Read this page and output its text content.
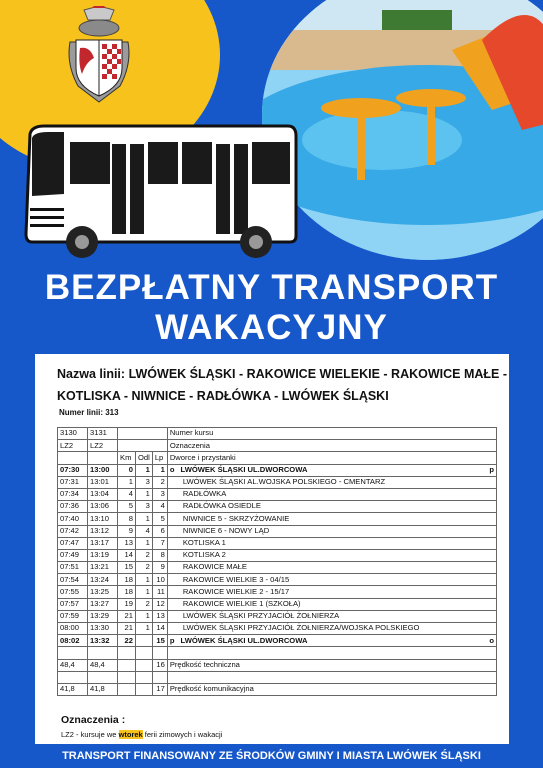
BEZPŁATNY TRANSPORT
WAKACYJNY
Nazwa linii: LWÓWEK ŚLĄSKI - RAKOWICE WIELEKIE - RAKOWICE MAŁE -
KOTLISKA - NIWNICE - RADŁÓWKA - LWÓWEK ŚLĄSKI
Numer linii: 313
3130	3131				Numer kursu
LZ2	LZ2				Oznaczenia
		Km	Odl	Lp	Dworce i przystanki
07:30	13:00	0	1	1	o LWÓWEK ŚLĄSKI UL.DWORCOWA p

07:31	13:01	1	3	2	LWÓWEK ŚLĄSKI AL.WOJSKA POLSKIEGO - CMENTARZ
07:34	13:04	4	1	3	RADŁÓWKA
07:36	13:06	5	3	4	RADŁÓWKA OSIEDLE
07:40	13:10	8	1	5	NIWNICE 5 - SKRZYŻOWANIE
07:42	13:12	9	4	6	NIWNICE 6 - NOWY LĄD
07:47	13:17	13	1	7	KOTLISKA 1
07:49	13:19	14	2	8	KOTLISKA 2
07:51	13:21	15	2	9	RAKOWICE MAŁE
07:54	13:24	18	1	10	RAKOWICE WIELKIE 3 - 04/15
07:55	13:25	18	1	11	RAKOWICE WIELKIE 2 - 15/17
07:57	13:27	19	2	12	RAKOWICE WIELKIE 1 (SZKOŁA)
07:59	13:29	21	1	13	LWÓWEK ŚLĄSKI PRZYJACIÓŁ ŻOŁNIERZA
08:00	13:30	21	1	14	LWÓWEK ŚLĄSKI PRZYJACIÓŁ ŻOŁNIERZA/WOJSKA POLSKIEGO
08:02	13:32	22		15	p LWÓWEK ŚLĄSKI UL.DWORCOWA o

48,4	48,4			16	Prędkość techniczna

41,8	41,8			17	Prędkość komunikacyjna
Oznaczenia :
LZ2 - kursuje we wtorek ferii zimowych i wakacji
TRANSPORT FINANSOWANY ZE ŚRODKÓW GMINY I MIASTA LWÓWEK ŚLĄSKI
